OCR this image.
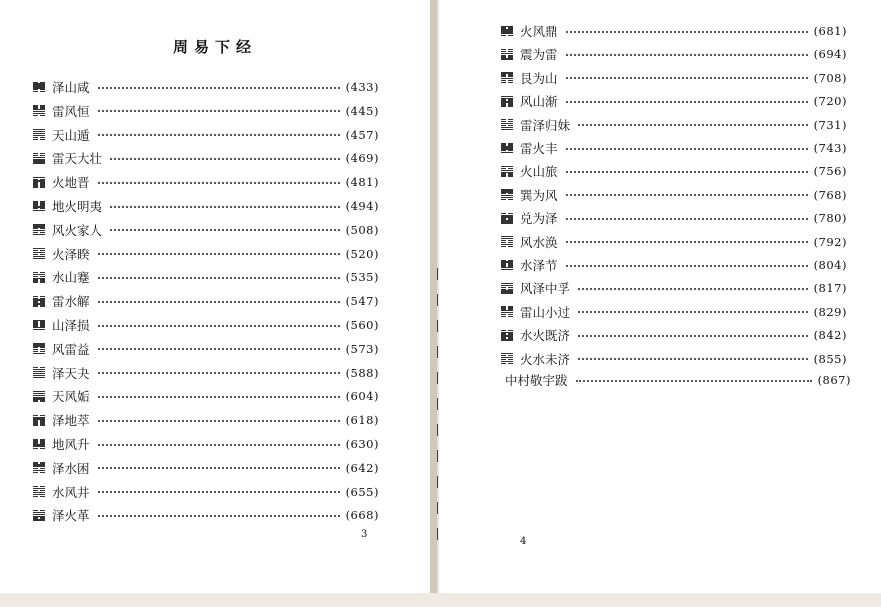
周易下经
泽山咸	(433)
雷风恒	(445)
天山遁	(457)
雷天大壮	(469)
火地晋	(481)
地火明夷	(494)
风火家人	(508)
火泽睽	(520)
水山蹇	(535)
雷水解	(547)
山泽损	(560)
风雷益	(573)
泽天夬	(588)
天风姤	(604)
泽地萃	(618)
地风升	(630)
泽水困	(642)
水风井	(655)
泽火革	(668)
3
火风鼎	(681)
震为雷	(694)
艮为山	(708)
风山渐	(720)
雷泽归妹	(731)
雷火丰	(743)
火山旅	(756)
巽为风	(768)
兑为泽	(780)
风水涣	(792)
水泽节	(804)
风泽中孚	(817)
雷山小过	(829)
水火既济	(842)
火水未济	(855)
中村敬宇跋	(867)
4
